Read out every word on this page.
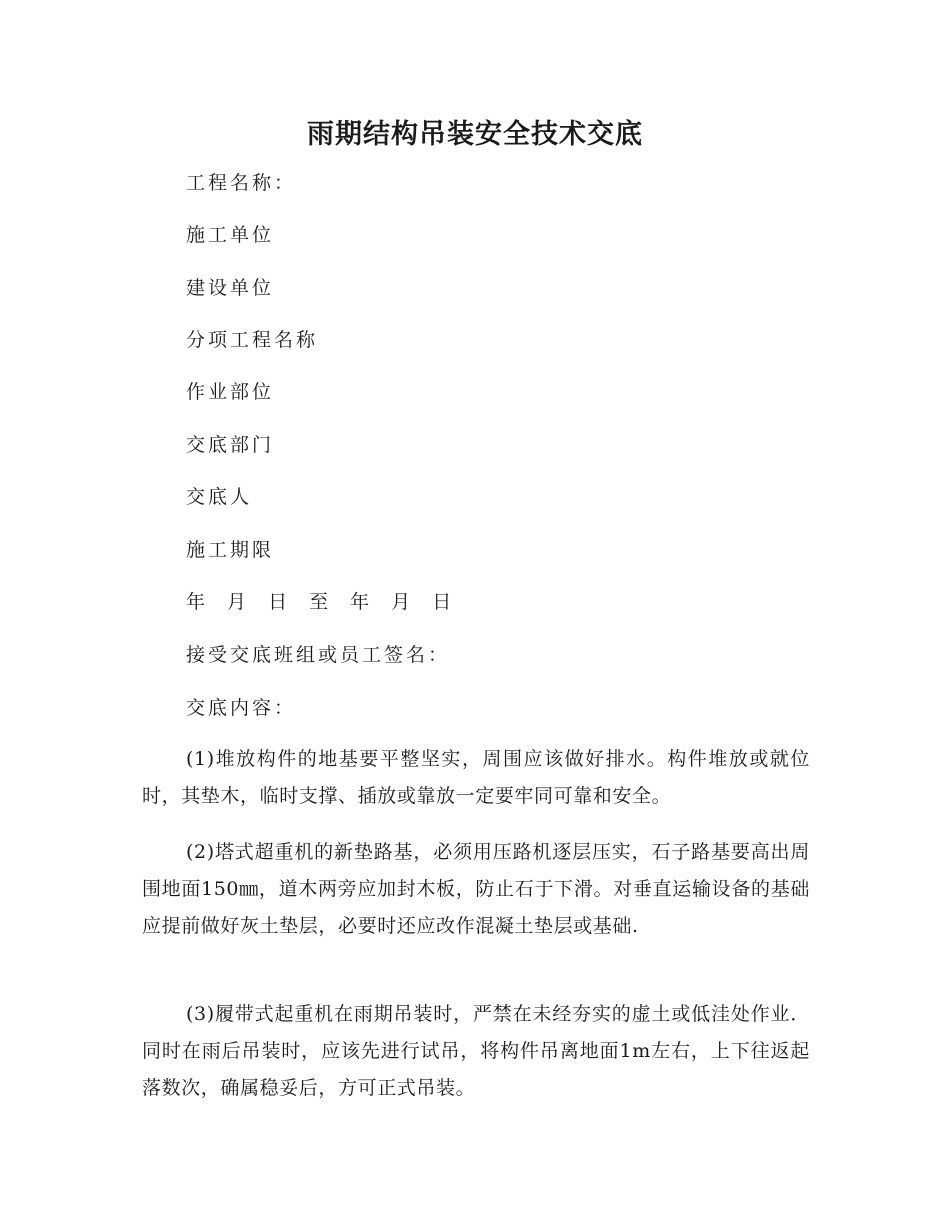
雨期结构吊装安全技术交底
工程名称：
施工单位
建设单位
分项工程名称
作业部位
交底部门
交底人
施工期限
年 月 日 至 年 月 日
接受交底班组或员工签名：
交底内容：
(1)堆放构件的地基要平整坚实，周围应该做好排水。构件堆放或就位时，其垫木，临时支撑、插放或靠放一定要牢同可靠和安全。
(2)塔式超重机的新垫路基，必须用压路机逐层压实，石子路基要高出周围地面150㎜，道木两旁应加封木板，防止石于下滑。对垂直运输设备的基础应提前做好灰土垫层，必要时还应改作混凝土垫层或基础.
(3)履带式起重机在雨期吊装时，严禁在未经夯实的虚土或低洼处作业．同时在雨后吊装时，应该先进行试吊，将构件吊离地面1m左右，上下往返起落数次，确属稳妥后，方可正式吊装。
